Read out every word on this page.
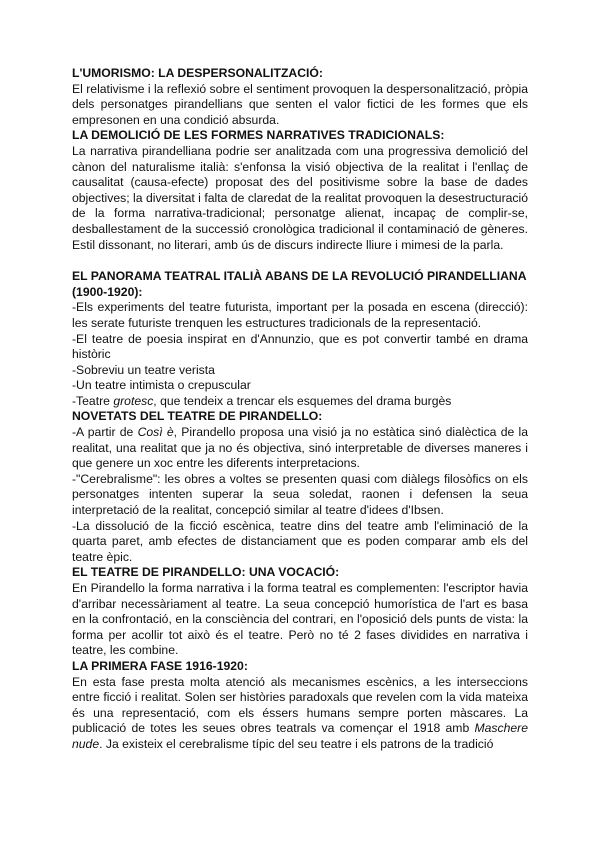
L'UMORISMO: LA DESPERSONALITZACIÓ:
El relativisme i la reflexió sobre el sentiment provoquen la despersonalització, pròpia dels personatges pirandellians que senten el valor fictici de les formes que els empresonen en una condició absurda.
LA DEMOLICIÓ DE LES FORMES NARRATIVES TRADICIONALS:
La narrativa pirandelliana podrie ser analitzada com una progressiva demolició del cànon del naturalisme italià: s'enfonsa la visió objectiva de la realitat i l'enllaç de causalitat (causa-efecte) proposat des del positivisme sobre la base de dades objectives; la diversitat i falta de claredat de la realitat provoquen la desestructuració de la forma narrativa-tradicional; personatge alienat, incapaç de complir-se, desballestament de la successió cronològica tradicional il contaminació de gèneres. Estil dissonant, no literari, amb ús de discurs indirecte lliure i mimesi de la parla.
EL PANORAMA TEATRAL ITALIÀ ABANS DE LA REVOLUCIÓ PIRANDELLIANA (1900-1920):
-Els experiments del teatre futurista, important per la posada en escena (direcció): les serate futuriste trenquen les estructures tradicionals de la representació.
-El teatre de poesia inspirat en d'Annunzio, que es pot convertir també en drama històric
-Sobreviu un teatre verista
-Un teatre intimista o crepuscular
-Teatre grotesc, que tendeix a trencar els esquemes del drama burgès
NOVETATS DEL TEATRE DE PIRANDELLO:
-A partir de Così è, Pirandello proposa una visió ja no estàtica sinó dialèctica de la realitat, una realitat que ja no és objectiva, sinó interpretable de diverses maneres i que genere un xoc entre les diferents interpretacions.
-"Cerebralisme": les obres a voltes se presenten quasi com diàlegs filosòfics on els personatges intenten superar la seua soledat, raonen i defensen la seua interpretació de la realitat, concepció similar al teatre d'idees d'Ibsen.
-La dissolució de la ficció escènica, teatre dins del teatre amb l'eliminació de la quarta paret, amb efectes de distanciament que es poden comparar amb els del teatre èpic.
EL TEATRE DE PIRANDELLO: UNA VOCACIÓ:
En Pirandello la forma narrativa i la forma teatral es complementen: l'escriptor havia d'arribar necessàriament al teatre. La seua concepció humorística de l'art es basa en la confrontació, en la consciència del contrari, en l'oposició dels punts de vista: la forma per acollir tot això és el teatre. Però no té 2 fases dividides en narrativa i teatre, les combine.
LA PRIMERA FASE 1916-1920:
En esta fase presta molta atenció als mecanismes escènics, a les interseccions entre ficció i realitat. Solen ser històries paradoxals que revelen com la vida mateixa és una representació, com els éssers humans sempre porten màscares. La publicació de totes les seues obres teatrals va començar el 1918 amb Maschere nude. Ja existeix el cerebralisme típic del seu teatre i els patrons de la tradició
